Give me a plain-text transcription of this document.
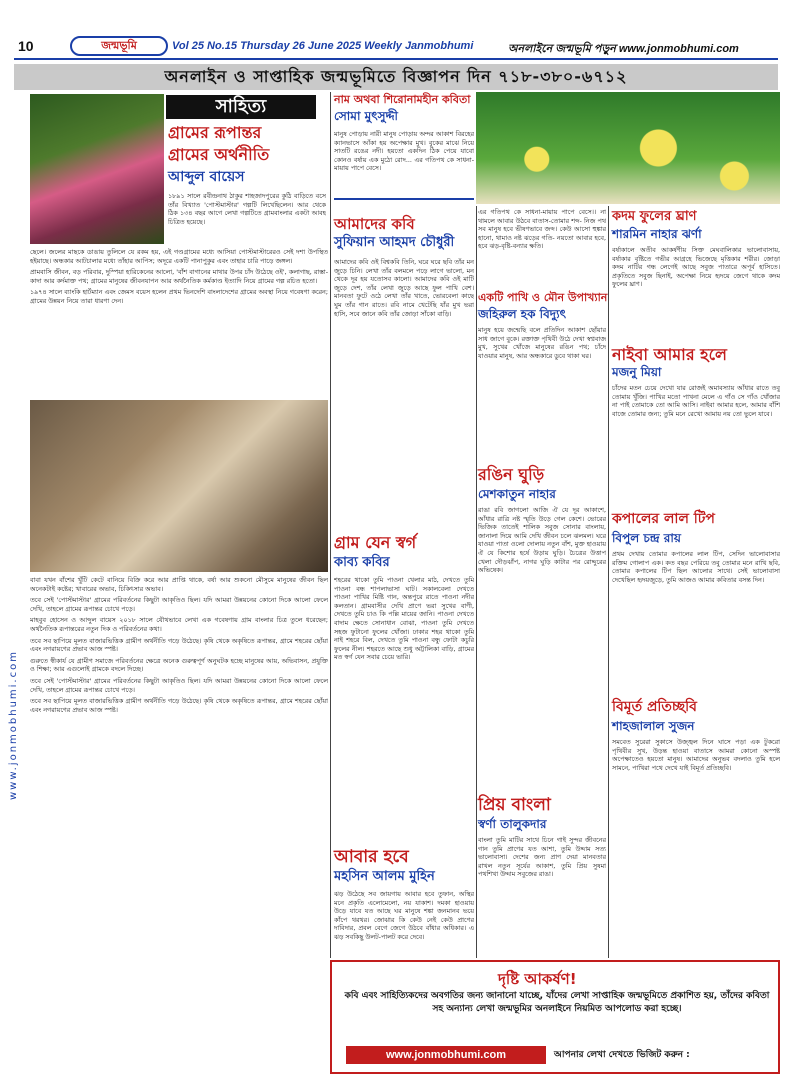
10	জন্মভূমি	Vol 25 No.15 Thursday 26 June 2025 Weekly Janmobhumi	অনলাইনে জন্মভূমি পড়ুন www.jonmobhumi.com
অনলাইন ও সাপ্তাহিক জন্মভূমিতে বিজ্ঞাপন দিন ৭১৮-৩৮০-৬৭১২
www.jonmobhumi.com
সাহিত্য
গ্রামের রূপান্তর
গ্রামের অর্থনীতি
আব্দুল বায়েস

১৮৯১ সালে রবীন্দ্রনাথ ঠাকুর শাহজাদপুরের কুঠি বাড়িতে বসে তাঁর বিখ্যাত 'পোস্টমাস্টার' গল্পটি লিখেছিলেন। আর থেকে ঠিক ১৩৪ বছর আগে লেখা গল্পটিতে গ্রামবাংলার একটা আবহ চিত্রিত হয়েছে।

ছেলে। জলের মাছকে ডাঙায় তুলিলে যে রকম হয়, এই গণ্ডগ্রামের মধ্যে আসিয়া পোস্টমাস্টারেরও সেই দশা উপস্থিত হইয়াছে। অন্ধকার আটচালার মধ্যে তাঁহার আপিস; অদূরে একটি পানাপুকুর এবং তাহার চারি পাড়ে জঙ্গল।

প্রামবাসি জীবন, বড় পরিবার, দুস্পিয়া হারিকেনের আলো, 'বাঁশ বাগানের মাথার উপর চাঁদ উঠেছে ওই', কলাগাছ, রাস্তা-কাদা আর কর্দমাক্ত পথ; গ্রামের মানুষের জীবনযাপন আর অর্থনৈতিক কর্মকাণ্ড ইত্যাদি নিয়ে গ্রামের গল্প রচিত হতো।

১৯৭৪ সালে ব্যাংকি হার্টম্যান এবং জেমস বয়েস হলেন প্রথম ভিনদেশি বাংলাদেশের গ্রামের অবস্থা নিয়ে গবেষণা করেন; গ্রামের উন্নয়ন নিয়ে তারা ধারণা দেন।

বাবা যখন বাঁশের খুঁটি কেটে বানিয়ে বিক্রি করে আর প্রাপ্তি থাকে, বর্ষা আর শুকনো মৌসুমে মানুষের জীবন ছিল অনেকটাই কষ্টের; খাবারের অভাব, চিকিৎসার অভাব।

তবে সেই 'পোস্টমাস্টার' গ্রামের পরিবর্তনের কিছুটা আকৃতিও ছিল। যদি আমরা উন্নয়নের কোনো দিকে আলো ফেলে দেখি, তাহলে গ্রামের রূপান্তর চোখে পড়ে।

মাহবুব হোসেন ও আব্দুল বায়েস ২০১৮ সালে যৌথভাবে লেখা এক গবেষণায় গ্রাম বাংলার চিত্র তুলে ধরেছেন; অর্থনৈতিক রূপান্তরের নতুন দিক ও পরিবর্তনের কথা।

তবে সব ছাপিয়ে মূলত বাজারভিত্তিক গ্রামীণ অর্থনীতি গড়ে উঠেছে। কৃষি থেকে অকৃষিতে রূপান্তর, গ্রামে শহরের ছোঁয়া এবং নগরায়ণের প্রভাব আজ স্পষ্ট।

গুরুতে স্বীকার্য যে গ্রামীণ সমাজে পরিবর্তনের ক্ষেত্রে অনেক গুরুত্বপূর্ণ অনুঘটক হচ্ছে মানুষের আয়, অভিবাসন, প্রযুক্তি ও শিক্ষা; আর এগুলোই গ্রামকে বদলে দিচ্ছে।

তবে সেই 'পোস্টমাস্টার' গ্রামের পরিবর্তনের কিছুটা আকৃতিও ছিল। যদি আমরা উন্নয়নের কোনো দিকে আলো ফেলে দেখি, তাহলে গ্রামের রূপান্তর চোখে পড়ে।

তবে সব ছাপিয়ে মূলত বাজারভিত্তিক গ্রামীণ অর্থনীতি গড়ে উঠেছে। কৃষি থেকে অকৃষিতে রূপান্তর, গ্রামে শহরের ছোঁয়া এবং নগরায়ণের প্রভাব আজ স্পষ্ট।

নাম অথবা শিরোনামহীন কবিতা
সোমা মুৎসুদ্দী
মানুষ পোড়ায় নারী মানুষ পোড়ায় অন্দর আকাশ বিরহের ক্যানভাসে আঁকা হয় অপেক্ষার মুখ। বুকের মাঝে নিয়ে সাতটি রঙের নদী। হয়তো একদিন ঠিক পেয়ে যাবো কোনও বর্ষায় এক মুঠো রোদ... এর গতিপথ কে সাধনা-মায়ায় পাপে বেসে।
আমাদের কবি
সুফিয়ান আহমদ চৌধুরী
আমাদের কবি ওই বিশ্বকবি তিনি, ঘরে ঘরে ছবি তাঁর মন জুড়ে চিনি। লেখা তাঁর বলমলে পড়ে লাগে ভালো, মন থেকে দূর হয় যতোসব কালো। আমাদের কবি ওই মাটি জুড়ে দেশ, তাঁর লেখা জুড়ে আছে ফুল পাখি বেশ। মানবতা ফুটে ওঠে লেখা তাঁর খাতে, ভোরবেলা কাছে ঘুম তাঁর গান রাতে। রবি নামে খেটেছি যাঁর মুখ ভরা হাসি, সবে জানে কবি তাঁর জোড়া সাঁকো বাড়ি।
গ্রাম যেন স্বর্গ
কাব্য কবির
শহরের থাকো তুমি পাওনা খেলার মাঠ, দেখতে তুমি পাওনা বন্ধ শাপলাভাসা ঘাট। সকালবেলা দেখতে পাওনা পাখির মিষ্টি গান, অন্তপুরে রাতে পাওনা নদীর কলতান। গ্রামবাসীর দেখি প্রাণে ভরা সুখের বাণী, দেখতে তুমি চাও কি পল্লি মায়ের জানি। পাওনা দেখতে বাদাম ক্ষেতে সোনাধান বোঝা, পাওনা তুমি দেখতে সহজ ফুটানো ফুলের খোঁজা। ঢাকার শহর থাকো তুমি নাই শহরে বিল, দেখতে তুমি পাওনা বন্ধু ফোটা কচুরি ফুলের নীল। শহরতে আছে শুধু অট্টালিকা বাড়ি, গ্রামের মত স্বর্গ যেন সবার চেয়ে ভারি।
আবার হবে
মহসিন আলম মুহিন
ঝড় উঠেছে সব জায়গায় আবার হবে তুফান, অস্থির মনে প্রকৃতি এলোমেলো, নয় যাকাশ। দমকা হাওয়ায় উড়ে যাবে যত আছে ঘর মানুষে শঙ্কা জনমানব ভয়ে কাঁপে থরথর। জোঝার কি কেউ নেই কেউ প্রাণের দাবিদার, প্রবল বেগে জেগে উঠবে বাঁধার অধিকার। এ ঝড় সবকিছু উলট-পালট করে দেবে।
এর গতিপথ কে সাধনা-মায়ায় পাপে বেসে।। না থামলে আবার উঠবে বাতাস-তোমার শব্দ- নিজ পথ সব মানুষ হবে ভীষণভাবে জব্দ। কেউ আসো হুঙ্কার হানো, থামাও নষ্ট ঝড়ের গতি- নয়তো আবার হবে, হবে ঝড়-বৃষ্টি-বন্যার ক্ষতি।
একটি পাখি ও মৌন উপাখ্যান
জহিরুল হক বিদ্যুৎ
মানুষ হয়ে জন্মেছি বলে প্রতিদিন আকাশ ছোঁয়ার সাধ জাগে বুকে। রক্তাক্ত পৃথিবী উঠে দেখা স্বপ্নবাজ মুখ, সুখের খোঁজে মানুষের রঙিন পথ; চাঁদে যাওয়ার মানুষ, আর অন্ধকারে ডুবে থাকা ঘর।
রঙিন ঘুড়ি
মেশকাতুন নাহার
রাঙা রবি জাগলো আজি ঐ যে দূর আকাশে, আঁধার রাত্রি নষ্ট স্মৃতি উড়ে গেল কেশে। ভোরের ভিজিক তাতেই শালিক সবুজ সোনার বাংলায়, জানালা দিয়ে আমি দেখি জীবন চলে ঝলমল। ঘরে যাওয়া পাতা ওলো দোলায় নতুন বাঁশ, মুক্ত হাওয়ায় ঐ যে কিশোর হর্ষে উড়ায় ঘুড়ি। চৈত্রের উত্তাপ খেলা দৌড়ঝাঁপ, নাগর ঘুড়ি কাটার পর রোদ্দুরের অভিষেক।
প্রিয় বাংলা
স্বর্ণা তালুকদার
বাংলা তুমি মাটির সাথে চিনে গাই সুন্দর জীবনের গান তুমি প্রাণের যত আশা, তুমি উদ্দাম সত্য ভালোবাসা। দেশের জন্য প্রাণ দেয়া মানবতার রাখল নতুন সূর্যের আকাশ, তুমি প্রিয় সুষমা পথশিখা উদ্দাম সবুজের রাঙা।
কদম ফুলের ঘ্রাণ
শারমিন নাহার ঝর্ণা
বর্ষাকালে অতীব আকর্ষণীয় সিক্ত মেঘবালিকার ভালোবাসায়, বর্ষাকার বৃষ্টিতে গভীর আগ্রহে ভিজেছে মৃত্তিকার শরীর। জোড়া কদম নাটির গন্ধ লেগেই আছে সবুজ পাতারে অপূর্ব হাসিতে। প্রকৃতিতে সবুজ ছিনাই, অপেক্ষা নিয়ে হৃদয়ে জেগে থাকে কদম ফুলের ঘ্রাণ।
নাইবা আমার হলে
মজনু মিয়া
চাঁদের মতন চেয়ে দেখো যার রোজই অমাবস্যায় আঁধার রাতে তবু তোমায় খুঁজি। পাখির মতো পাখনা মেলে এ গাঁও সে গাঁও খোঁজার না পাই তোমাকে তো আমি আসি। নাইবা আমার হলে, আমার বাঁশি বাজে তোমার জন্য; তুমি মনে রেখো আমায় নয় তো ভুলে যাবে।
কপালের লাল টিপ
বিপুল চন্দ্র রায়
প্রথম দেখায় তোমার কপালের লাল টিপ, সেদিন ভালোবাসার রক্তিম গোলাপ এক। কত বছর পেরিয়ে তবু তোমার মনে রাখি ছবি, তোমার কপালের টিপ ছিল আলোর সাথে। সেই ভালোবাসা দেখেছিল হৃদয়জুড়ে, তুমি আজও আমার কবিতার বসন্ত দিন।
বিমূর্ত প্রতিচ্ছবি
শাহজালাল সুজন
সমবেত সুরেরা সুকাসে উজ্জ্বল দিনে ঘাসে পড়া এক টুকরো পৃথিবীর সুখ, উড়ন্ত হাওয়া বাতাসে আমরা কোনো অস্পষ্ট অপেক্ষাতেও হয়তো মানুষ। আমাদের অনুভব বদলাও তুমি হলে সামনে, পাখিরা পথে দেখে যাই বিমূর্ত প্রতিচ্ছবি।
দৃষ্টি আকর্ষণ!
কবি এবং সাহিত্যিকদের অবগতির জন্য জানানো যাচ্ছে, যাঁদের লেখা সাপ্তাহিক জন্মভূমিতে প্রকাশিত হয়, তাঁদের কবিতা সহ অন্যান্য লেখা জন্মভূমির অনলাইনে নিয়মিত আপলোড করা হচ্ছে।
আপনার লেখা দেখতে ভিজিট করুন :
www.jonmobhumi.com
